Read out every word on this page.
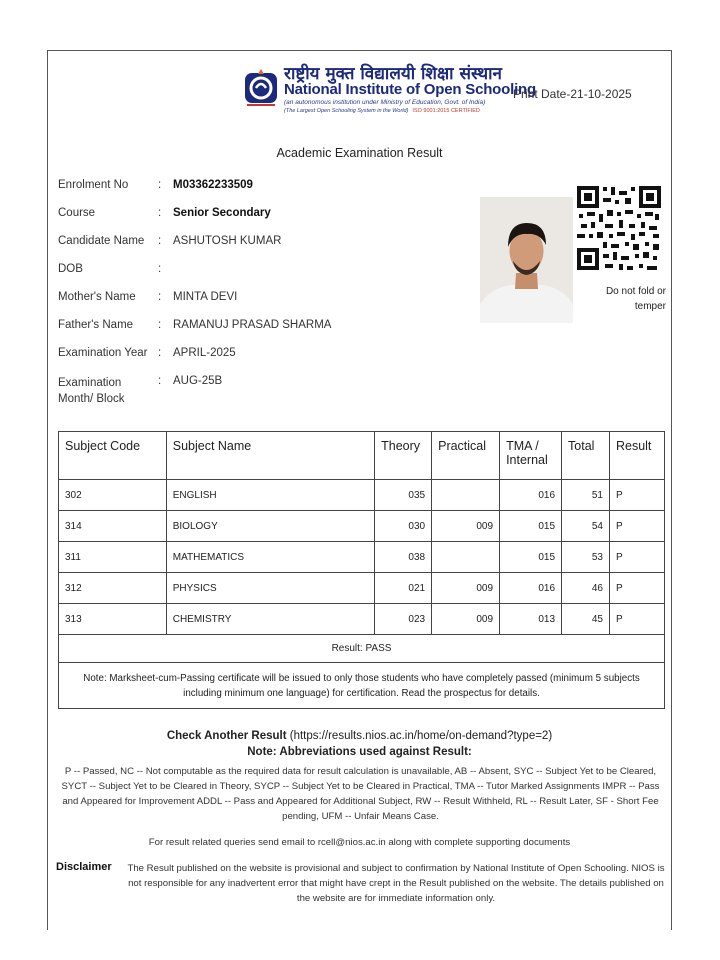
राष्ट्रीय मुक्त विद्यालयी शिक्षा संस्थान
National Institute of Open Schooling
(an autonomous institution under Ministry of Education, Govt. of India)
(The Largest Open Schooling System in the World) ISO 9001:2015 CERTIFIED
Print Date-21-10-2025
Academic Examination Result
Enrolment No	: M03362233509
Course	: Senior Secondary
Candidate Name	: ASHUTOSH KUMAR
DOB	:
Mother's Name	: MINTA DEVI
Father's Name	: RAMANUJ PRASAD SHARMA
Examination Year : APRIL-2025
Examination Month/ Block
: AUG-25B
Do not fold or temper
Subject Code	Subject Name	Theory	Practical	TMA / Internal	Total	Result
302	ENGLISH	035		016	51	P
314	BIOLOGY	030	009	015	54	P
311	MATHEMATICS	038		015	53	P
312	PHYSICS	021	009	016	46	P
313	CHEMISTRY	023	009	013	45	P
Result: PASS						
Note: Marksheet-cum-Passing certificate will be issued to only those students who have completely passed (minimum 5 subjects including minimum one language) for certification. Read the prospectus for details.						
Check Another Result (https://results.nios.ac.in/home/on-demand?type=2)
Note: Abbreviations used against Result:
P -- Passed, NC -- Not computable as the required data for result calculation is unavailable, AB -- Absent, SYC -- Subject Yet to be Cleared, SYCT -- Subject Yet to be Cleared in Theory, SYCP -- Subject Yet to be Cleared in Practical, TMA -- Tutor Marked Assignments IMPR -- Pass and Appeared for Improvement ADDL -- Pass and Appeared for Additional Subject, RW -- Result Withheld, RL -- Result Later, SF - Short Fee pending, UFM -- Unfair Means Case.
For result related queries send email to rcell@nios.ac.in along with complete supporting documents
Disclaimer The Result published on the website is provisional and subject to confirmation by National Institute of Open Schooling. NIOS is not responsible for any inadvertent error that might have crept in the Result published on the website. The details published on the website are for immediate information only.
